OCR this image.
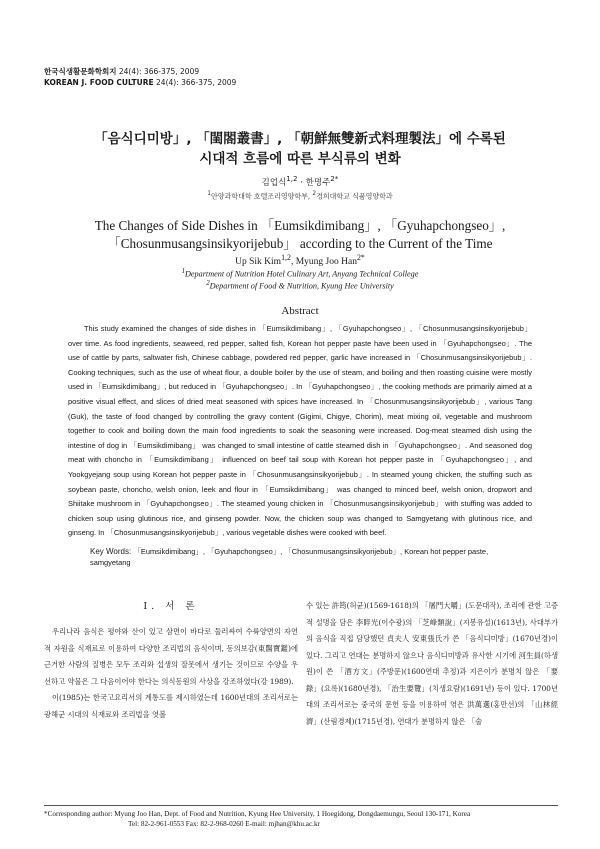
한국식생활문화학회지 24(4): 366-375, 2009
KOREAN J. FOOD CULTURE 24(4): 366-375, 2009
「음식디미방」, 「閨閤叢書」, 「朝鮮無雙新式料理製法」에 수록된
시대적 흐름에 따른 부식류의 변화
김업식$^{1,2}$ · 한명주$^{2*}$
$^1$안양과학대학 호텔조리영양학부, $^2$경희대학교 식품영양학과
The Changes of Side Dishes in 「Eumsikdimibang」, 「Gyuhapchongseo」,
「Chosunmusangsinsikyorijebub」 according to the Current of the Time
Up Sik Kim$^{1,2}$, Myung Joo Han$^{2*}$
$^1$Department of Nutrition Hotel Culinary Art, Anyang Technical College
$^2$Department of Food & Nutrition, Kyung Hee University
Abstract
This study examined the changes of side dishes in 「Eumsikdimibang」, 「Gyuhapchongseo」, 「Chosunmusangsinsikyorijebub」 over time. As food ingredients, seaweed, red pepper, salted fish, Korean hot pepper paste have been used in 「Gyuhapchongseo」. The use of cattle by parts, saltwater fish, Chinese cabbage, powdered red pepper, garlic have increased in 「Chosunmusangsinsikyorijebub」. Cooking techniques, such as the use of wheat flour, a double boiler by the use of steam, and boiling and then roasting cuisine were mostly used in 「Eumsikdimibang」, but reduced in 「Gyuhapchongseo」. In 「Gyuhapchongseo」, the cooking methods are primarily aimed at a positive visual effect, and slices of dried meat seasoned with spices have increased. In 「Chosunmusangsinsikyorijebub」, various Tang (Guk), the taste of food changed by controlling the gravy content (Gigimi, Chigye, Chorim), meat mixing oil, vegetable and mushroom together to cook and boiling down the main food ingredients to soak the seasoning were increased. Dog-meat steamed dish using the intestine of dog in 「Eumsikdimibang」 was changed to small intestine of cattle steamed dish in 「Gyuhapchongseo」. And seasoned dog meat with choncho in 「Eumsikdimibang」 influenced on beef tail soup with Korean hot pepper paste in 「Gyuhapchongseo」, and Yookgyejang soup using Korean hot pepper paste in 「Chosunmusangsinsikyorijebub」. In steamed young chicken, the stuffing such as soybean paste, choncho, welsh onion, leek and flour in 「Eumsikdimibang」 was changed to minced beef, welsh onion, dropwort and Shiitake mushroom in 「Gyuhapchongseo」. The steamed young chicken in 「Chosunmusangsinsikyorijebub」 with stuffing was added to chicken soup using glutinous rice, and ginseng powder. Now, the chicken soup was changed to Samgyetang with glutinous rice, and ginseng. In 「Chosunmusangsinsikyorijebub」, various vegetable dishes were cooked with beef.
Key Words: 「Eumsikdimibang」, 「Gyuhapchongseo」, 「Chosunmusangsinsikyorijebub」, Korean hot pepper paste, samgyetang
I. 서 론

우리나라 음식은 평야와 산이 있고 삼면이 바다로 둘러싸여 수륙양면의 자연적 자원을 식재료로 이용하여 다양한 조리법의 음식이며, 동의보감(東醫寶鑑)에 근거한 사람의 질병은 모두 조리와 섭생의 잘못에서 생기는 것이므로 수양을 우선하고 약물은 그 다음이어야 한다는 의식동원의 사상을 강조하였다(강 1989).

이(1985)는 한국고요리서의 계통도를 제시하였는데 1600년대의 조리서로는 광해군 시대의 식재료와 조리법을 엿볼

수 있는 許筠(허균)(1569-1618)의 「屠門大嚼」(도문대작), 조리에 관한 고증적 설명을 담은 李睟光(이수광)의 「芝峰類說」(지봉유설)(1613년), 사대부가의 음식을 직접 담당했던 貞夫人 安東張氏가 쓴 「음식디미방」(1670년경)이 있다. 그리고 연대는 분명하지 않으나 음식디미방과 유사한 시기에 河生員(하생원)이 쓴 「酒方文」(주방문)(1600연대 추정)과 지은이가 분명치 않은 「要錄」(요록)(1680년경), 「治生要覽」(치생요람)(1691년) 등이 있다. 1700년대의 조리서로는 중국의 문헌 등을 이용하여 엮은 洪萬選(홍만선)의 「山林經濟」(산림경제)(1715년경), 연대가 분명하지 않은 「술

*Corresponding author: Myung Joo Han, Dept. of Food and Nutrition, Kyung Hee University, 1 Hoegidong, Dongdaemungu, Seoul 130-171, Korea
Tel: 82-2-961-0553 Fax: 82-2-968-0260 E-mail: mjhan@khu.ac.kr
